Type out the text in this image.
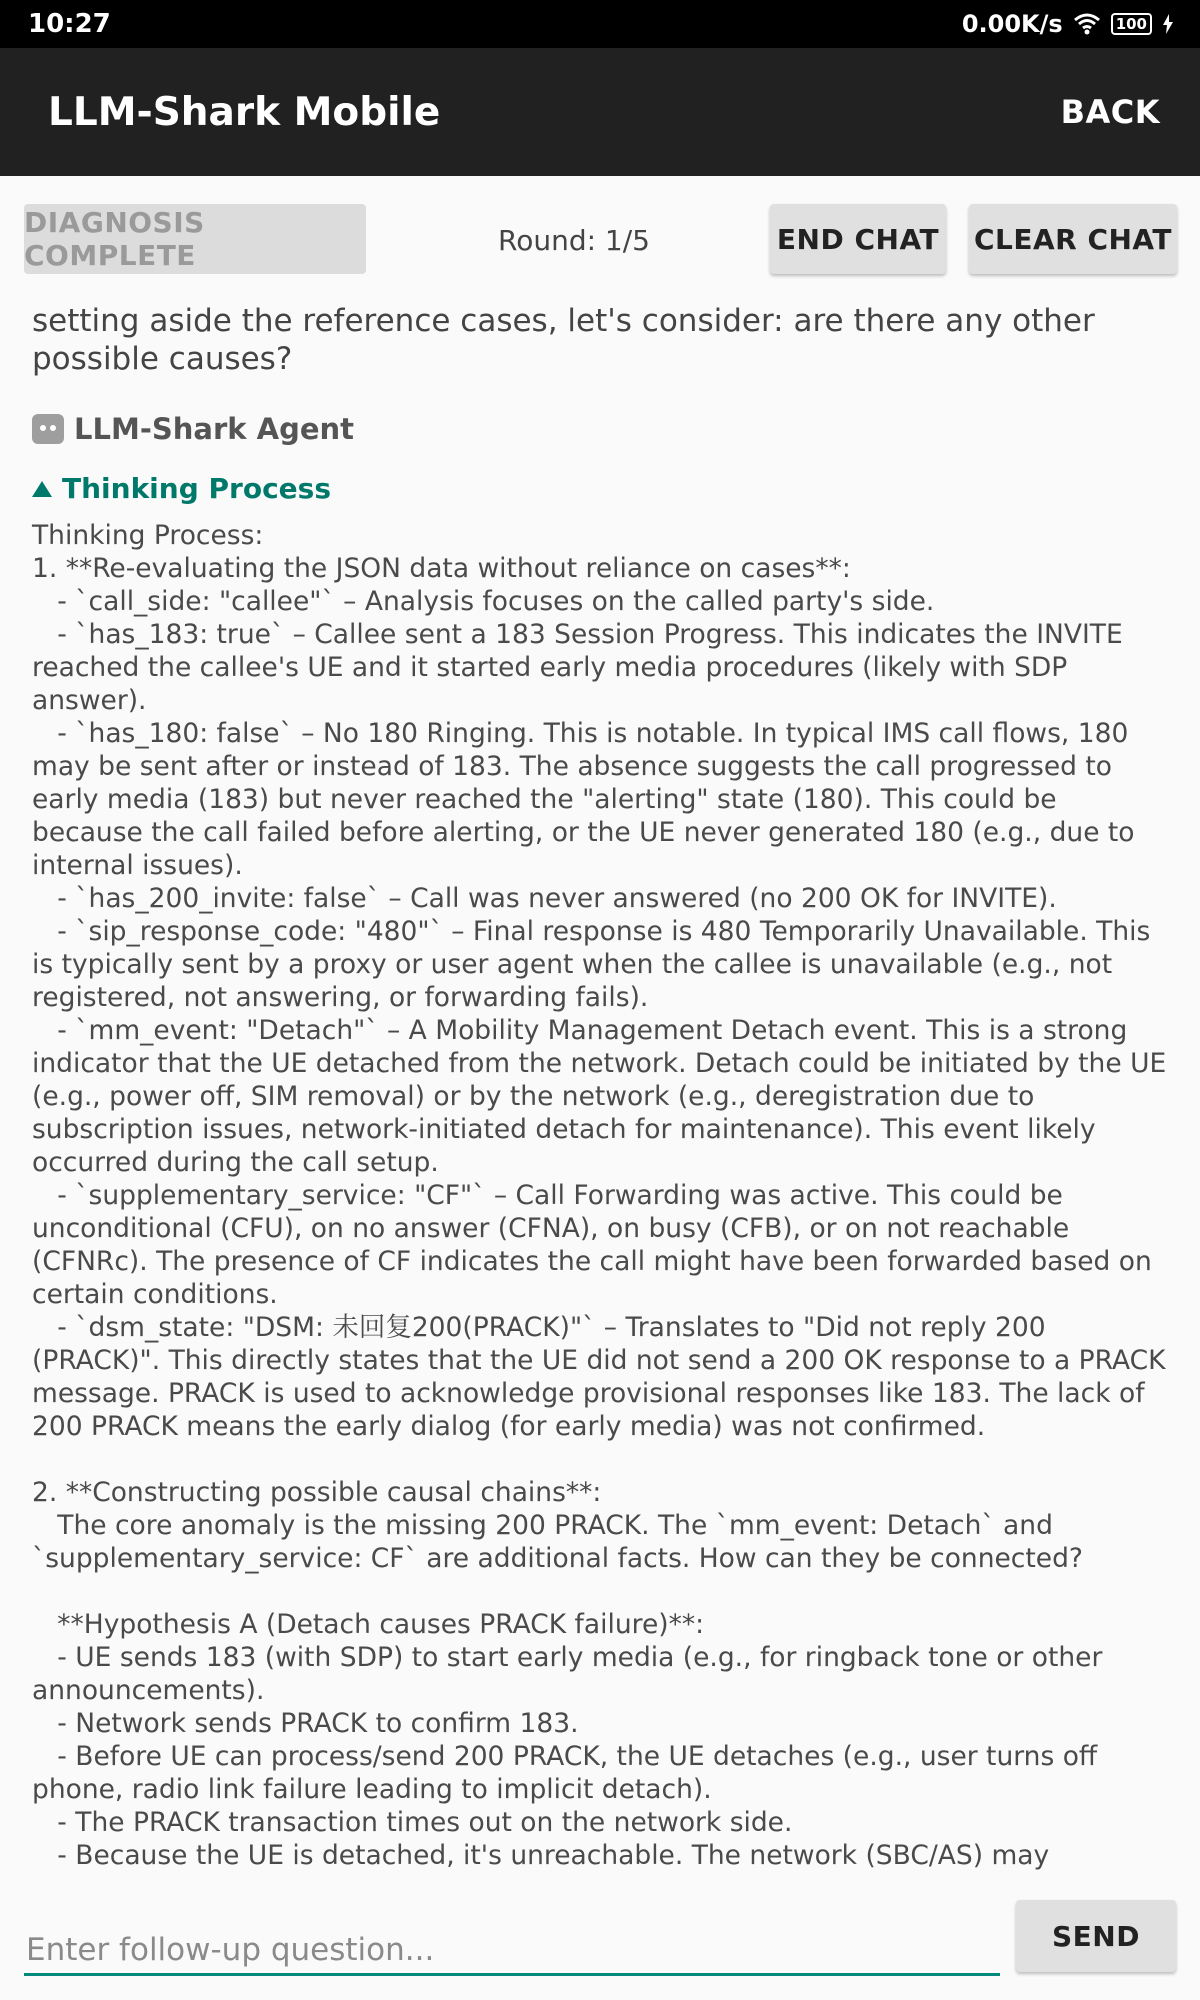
10:27	0.00K/s	100
LLM-Shark Mobile	BACK
DIAGNOSIS COMPLETE	Round: 1/5	END CHAT CLEAR CHAT

setting aside the reference cases, let's consider: are there any other possible causes?

LLM-Shark Agent
Thinking Process
Thinking Process:
1. **Re-evaluating the JSON data without reliance on cases**:
- `call_side: "callee"` – Analysis focuses on the called party's side.
- `has_183: true` – Callee sent a 183 Session Progress. This indicates the INVITE reached the callee's UE and it started early media procedures (likely with SDP answer).
- `has_180: false` – No 180 Ringing. This is notable. In typical IMS call flows, 180 may be sent after or instead of 183. The absence suggests the call progressed to early media (183) but never reached the "alerting" state (180). This could be because the call failed before alerting, or the UE never generated 180 (e.g., due to internal issues).
- `has_200_invite: false` – Call was never answered (no 200 OK for INVITE).
- `sip_response_code: "480"` – Final response is 480 Temporarily Unavailable. This is typically sent by a proxy or user agent when the callee is unavailable (e.g., not registered, not answering, or forwarding fails).
- `mm_event: "Detach"` – A Mobility Management Detach event. This is a strong indicator that the UE detached from the network. Detach could be initiated by the UE (e.g., power off, SIM removal) or by the network (e.g., deregistration due to subscription issues, network-initiated detach for maintenance). This event likely occurred during the call setup.
- `supplementary_service: "CF"` – Call Forwarding was active. This could be unconditional (CFU), on no answer (CFNA), on busy (CFB), or on not reachable (CFNRc). The presence of CF indicates the call might have been forwarded based on certain conditions.
- `dsm_state: "DSM: 未回复200(PRACK)"` – Translates to "Did not reply 200 (PRACK)". This directly states that the UE did not send a 200 OK response to a PRACK message. PRACK is used to acknowledge provisional responses like 183. The lack of 200 PRACK means the early dialog (for early media) was not confirmed.

2. **Constructing possible causal chains**:
The core anomaly is the missing 200 PRACK. The `mm_event: Detach` and `supplementary_service: CF` are additional facts. How can they be connected?

**Hypothesis A (Detach causes PRACK failure)**:
- UE sends 183 (with SDP) to start early media (e.g., for ringback tone or other announcements).
- Network sends PRACK to confirm 183.
- Before UE can process/send 200 PRACK, the UE detaches (e.g., user turns off phone, radio link failure leading to implicit detach).
- The PRACK transaction times out on the network side.
- Because the UE is detached, it's unreachable. The network (SBC/AS) may

Enter follow-up question...
SEND
